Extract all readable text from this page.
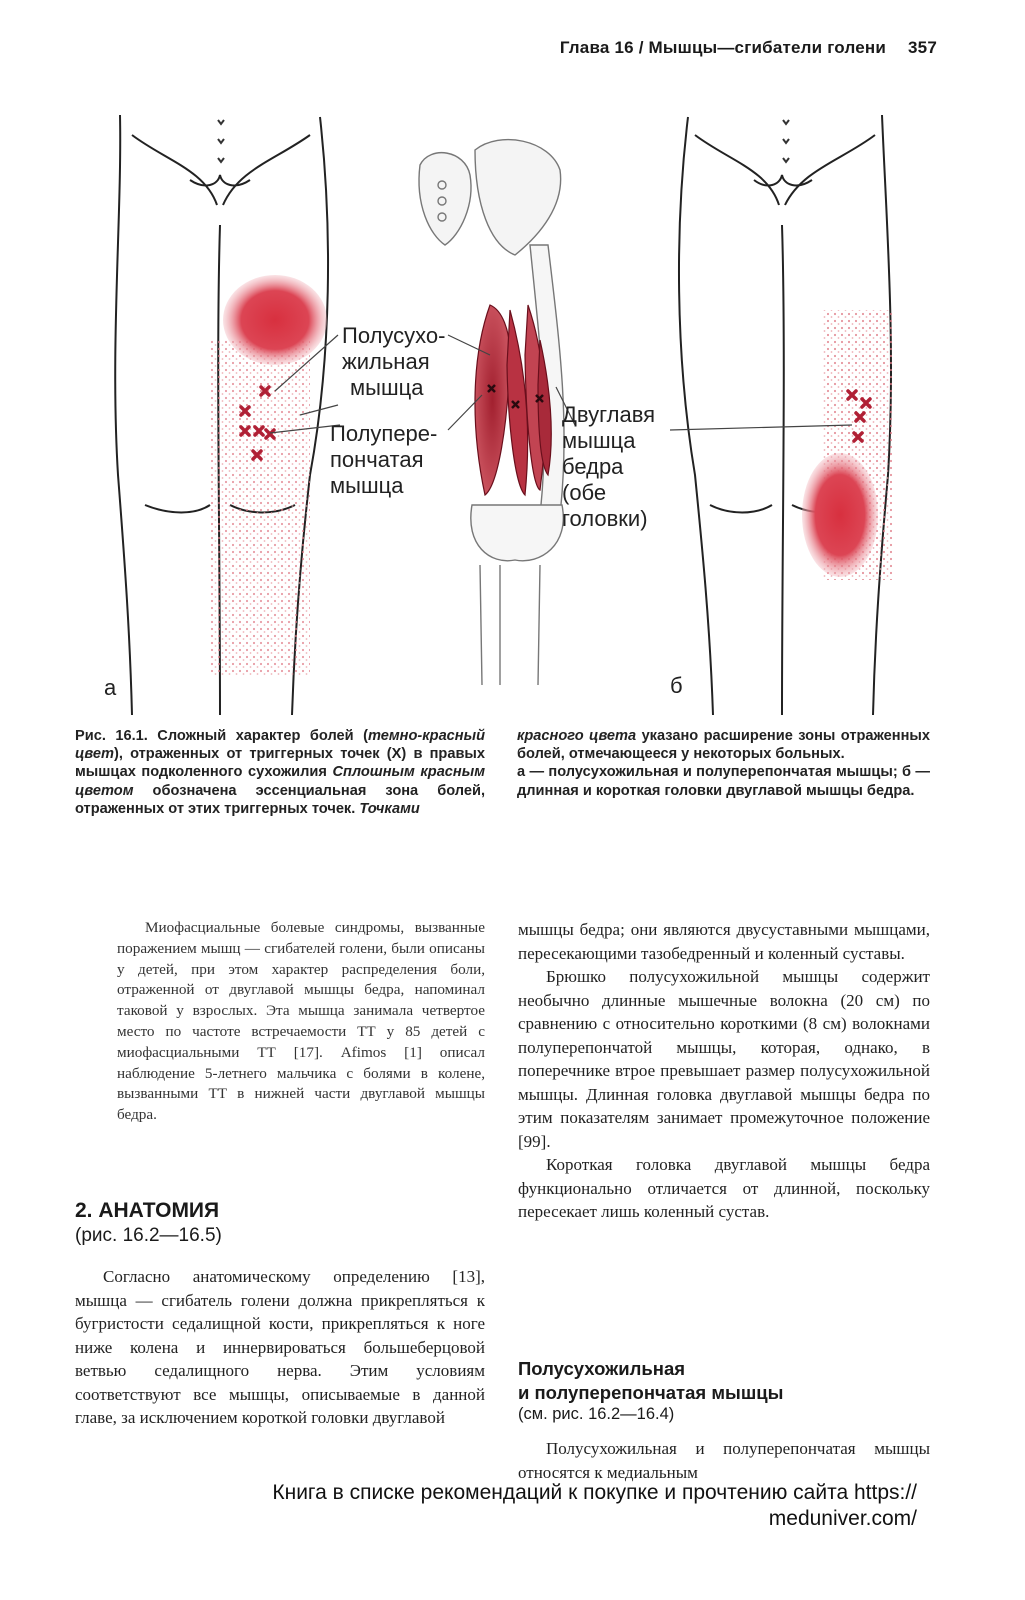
Глава 16 / Мышцы—сгибатели голени 357
Полусухо-
жильная
мышца
Полупере-
пончатая
мышца
Двуглавя
мышца
бедра
(обе
головки)
а	б
Рис. 16.1. Сложный характер болей (темно-красный цвет), отраженных от триггерных точек (X) в правых мышцах подколенного сухожилия Сплошным красным цветом обозначена эссенциальная зона болей, отраженных от этих триггерных точек. Точками
красного цвета указано расширение зоны отраженных болей, отмечающееся у некоторых больных.
а — полусухожильная и полуперепончатая мышцы; б — длинная и короткая головки двуглавой мышцы бедра.

Миофасциальные болевые синдромы, вызванные поражением мышц — сгибателей голени, были описаны у детей, при этом характер распределения боли, отраженной от двуглавой мышцы бедра, напоминал таковой у взрослых. Эта мышца занимала четвертое место по частоте встречаемости ТТ у 85 детей с миофасциальными ТТ [17]. Afimos [1] описал наблюдение 5-летнего мальчика с болями в колене, вызванными ТТ в нижней части двуглавой мышцы бедра.

2. АНАТОМИЯ
(рис. 16.2—16.5)

Согласно анатомическому определению [13], мышца — сгибатель голени должна прикрепляться к бугристости седалищной кости, прикрепляться к ноге ниже колена и иннервироваться большеберцовой ветвью седалищного нерва. Этим условиям соответствуют все мышцы, описываемые в данной главе, за исключением короткой головки двуглавой

мышцы бедра; они являются двусуставными мышцами, пересекающими тазобедренный и коленный суставы.

Брюшко полусухожильной мышцы содержит необычно длинные мышечные волокна (20 см) по сравнению с относительно короткими (8 см) волокнами полуперепончатой мышцы, которая, однако, в поперечнике втрое превышает размер полусухожильной мышцы. Длинная головка двуглавой мышцы бедра по этим показателям занимает промежуточное положение [99].

Короткая головка двуглавой мышцы бедра функционально отличается от длинной, поскольку пересекает лишь коленный сустав.

Полусухожильная
и полуперепончатая мышцы
(см. рис. 16.2—16.4)

Полусухожильная и полуперепончатая мышцы относятся к медиальным

Книга в списке рекомендаций к покупке и прочтению сайта https://
meduniver.com/
